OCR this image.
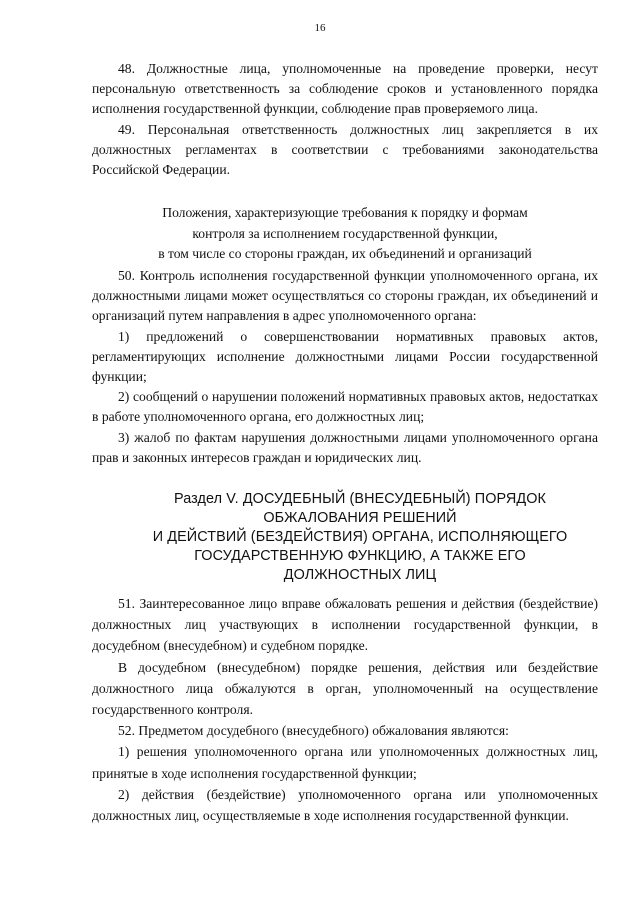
16

48. Должностные лица, уполномоченные на проведение проверки, несут персональную ответственность за соблюдение сроков и установленного порядка исполнения государственной функции, соблюдение прав проверяемого лица.

49. Персональная ответственность должностных лиц закрепляется в их должностных регламентах в соответствии с требованиями законодательства Российской Федерации.

Положения, характеризующие требования к порядку и формам
контроля за исполнением государственной функции,
в том числе со стороны граждан, их объединений и организаций

50. Контроль исполнения государственной функции уполномоченного органа, их должностными лицами может осуществляться со стороны граждан, их объединений и организаций путем направления в адрес уполномоченного органа:

1) предложений о совершенствовании нормативных правовых актов, регламентирующих исполнение должностными лицами России государственной функции;

2) сообщений о нарушении положений нормативных правовых актов, недостатках в работе уполномоченного органа, его должностных лиц;

3) жалоб по фактам нарушения должностными лицами уполномоченного органа прав и законных интересов граждан и юридических лиц.

Раздел V. ДОСУДЕБНЫЙ (ВНЕСУДЕБНЫЙ) ПОРЯДОК
ОБЖАЛОВАНИЯ РЕШЕНИЙ
И ДЕЙСТВИЙ (БЕЗДЕЙСТВИЯ) ОРГАНА, ИСПОЛНЯЮЩЕГО
ГОСУДАРСТВЕННУЮ ФУНКЦИЮ, А ТАКЖЕ ЕГО
ДОЛЖНОСТНЫХ ЛИЦ

51. Заинтересованное лицо вправе обжаловать решения и действия (бездействие) должностных лиц участвующих в исполнении государственной функции, в досудебном (внесудебном) и судебном порядке.

В досудебном (внесудебном) порядке решения, действия или бездействие должностного лица обжалуются в орган, уполномоченный на осуществление государственного контроля.

52. Предметом досудебного (внесудебного) обжалования являются:

1) решения уполномоченного органа или уполномоченных должностных лиц, принятые в ходе исполнения государственной функции;

2) действия (бездействие) уполномоченного органа или уполномоченных должностных лиц, осуществляемые в ходе исполнения государственной функции.
